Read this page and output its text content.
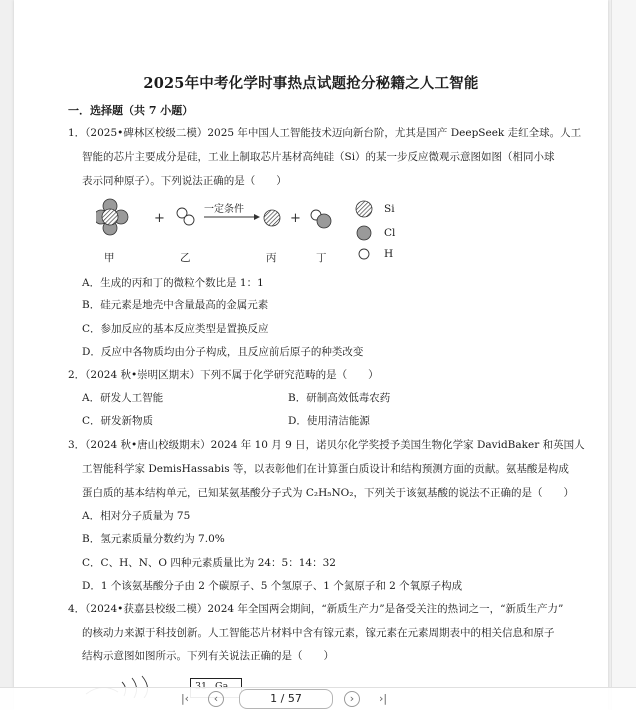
2025年中考化学时事热点试题抢分秘籍之人工智能
一．选择题（共 7 小题）
1．（2025•碑林区校级二模）2025 年中国人工智能技术迈向新台阶，尤其是国产 DeepSeek 走红全球。人工
智能的芯片主要成分是硅，工业上制取芯片基材高纯硅（Si）的某一步反应微观示意图如图（相同小球
表示同种原子）。下列说法正确的是（　　）
+	+
一定条件	Si
Cl
H
甲	乙	丙	丁
A．生成的丙和丁的微粒个数比是 1：1
B．硅元素是地壳中含量最高的金属元素
C．参加反应的基本反应类型是置换反应
D．反应中各物质均由分子构成，且反应前后原子的种类改变
2．（2024 秋•崇明区期末）下列不属于化学研究范畴的是（　　）
A．研发人工智能	B．研制高效低毒农药
C．研发新物质	D．使用清洁能源
3．（2024 秋•唐山校级期末）2024 年 10 月 9 日，诺贝尔化学奖授予美国生物化学家 DavidBaker 和英国人
工智能科学家 DemisHassabis 等，以表彰他们在计算蛋白质设计和结构预测方面的贡献。氨基酸是构成
蛋白质的基本结构单元，已知某氨基酸分子式为 C₂H₅NO₂，下列关于该氨基酸的说法不正确的是（　　）
A．相对分子质量为 75
B．氢元素质量分数约为 7.0%
C．C、H、N、O 四种元素质量比为 24：5：14：32
D．1 个该氨基酸分子由 2 个碳原子、5 个氢原子、1 个氮原子和 2 个氧原子构成
4．（2024•获嘉县校级二模）2024 年全国两会期间，“新质生产力”是备受关注的热词之一，“新质生产力”
的核动力来源于科技创新。人工智能芯片材料中含有镓元素，镓元素在元素周期表中的相关信息和原子
结构示意图如图所示。下列有关说法正确的是（　　）
|‹	‹	1 / 57	›	›|
